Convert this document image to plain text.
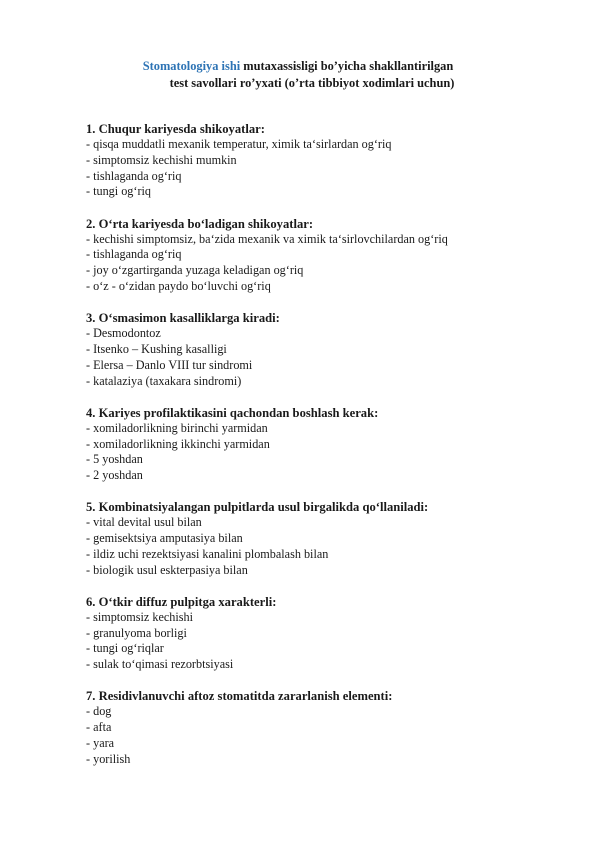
Stomatologiya ishi mutaxassisligi bo’yicha shakllantirilgan
test savollari ro’yxati (o’rta tibbiyot xodimlari uchun)
1. Chuqur kariyesda shikoyatlar:
- qisqa muddatli mexanik temperatur, ximik ta‘sirlardan og‘riq
- simptomsiz kechishi mumkin
- tishlaganda og‘riq
- tungi og‘riq
2. O‘rta kariyesda bo‘ladigan shikoyatlar:
- kechishi simptomsiz, ba‘zida mexanik va ximik ta‘sirlovchilardan og‘riq
- tishlaganda og‘riq
- joy o‘zgartirganda yuzaga keladigan og‘riq
- o‘z - o‘zidan paydo bo‘luvchi og‘riq
3. O‘smasimon kasalliklarga kiradi:
- Desmodontoz
- Itsenko – Kushing kasalligi
- Elersa – Danlo VIII tur sindromi
- katalaziya (taxakara sindromi)
4. Kariyes profilaktikasini qachondan boshlash kerak:
- xomiladorlikning birinchi yarmidan
- xomiladorlikning ikkinchi yarmidan
- 5 yoshdan
- 2 yoshdan
5. Kombinatsiyalangan pulpitlarda usul birgalikda qo‘llaniladi:
- vital devital usul bilan
- gemisektsiya amputasiya bilan
- ildiz uchi rezektsiyasi kanalini plombalash bilan
- biologik usul eskterpasiya bilan
6. O‘tkir diffuz pulpitga xarakterli:
- simptomsiz kechishi
- granulyoma borligi
- tungi og‘riqlar
- sulak to‘qimasi rezorbtsiyasi
7. Residivlanuvchi aftoz stomatitda zararlanish elementi:
- dog
- afta
- yara
- yorilish
